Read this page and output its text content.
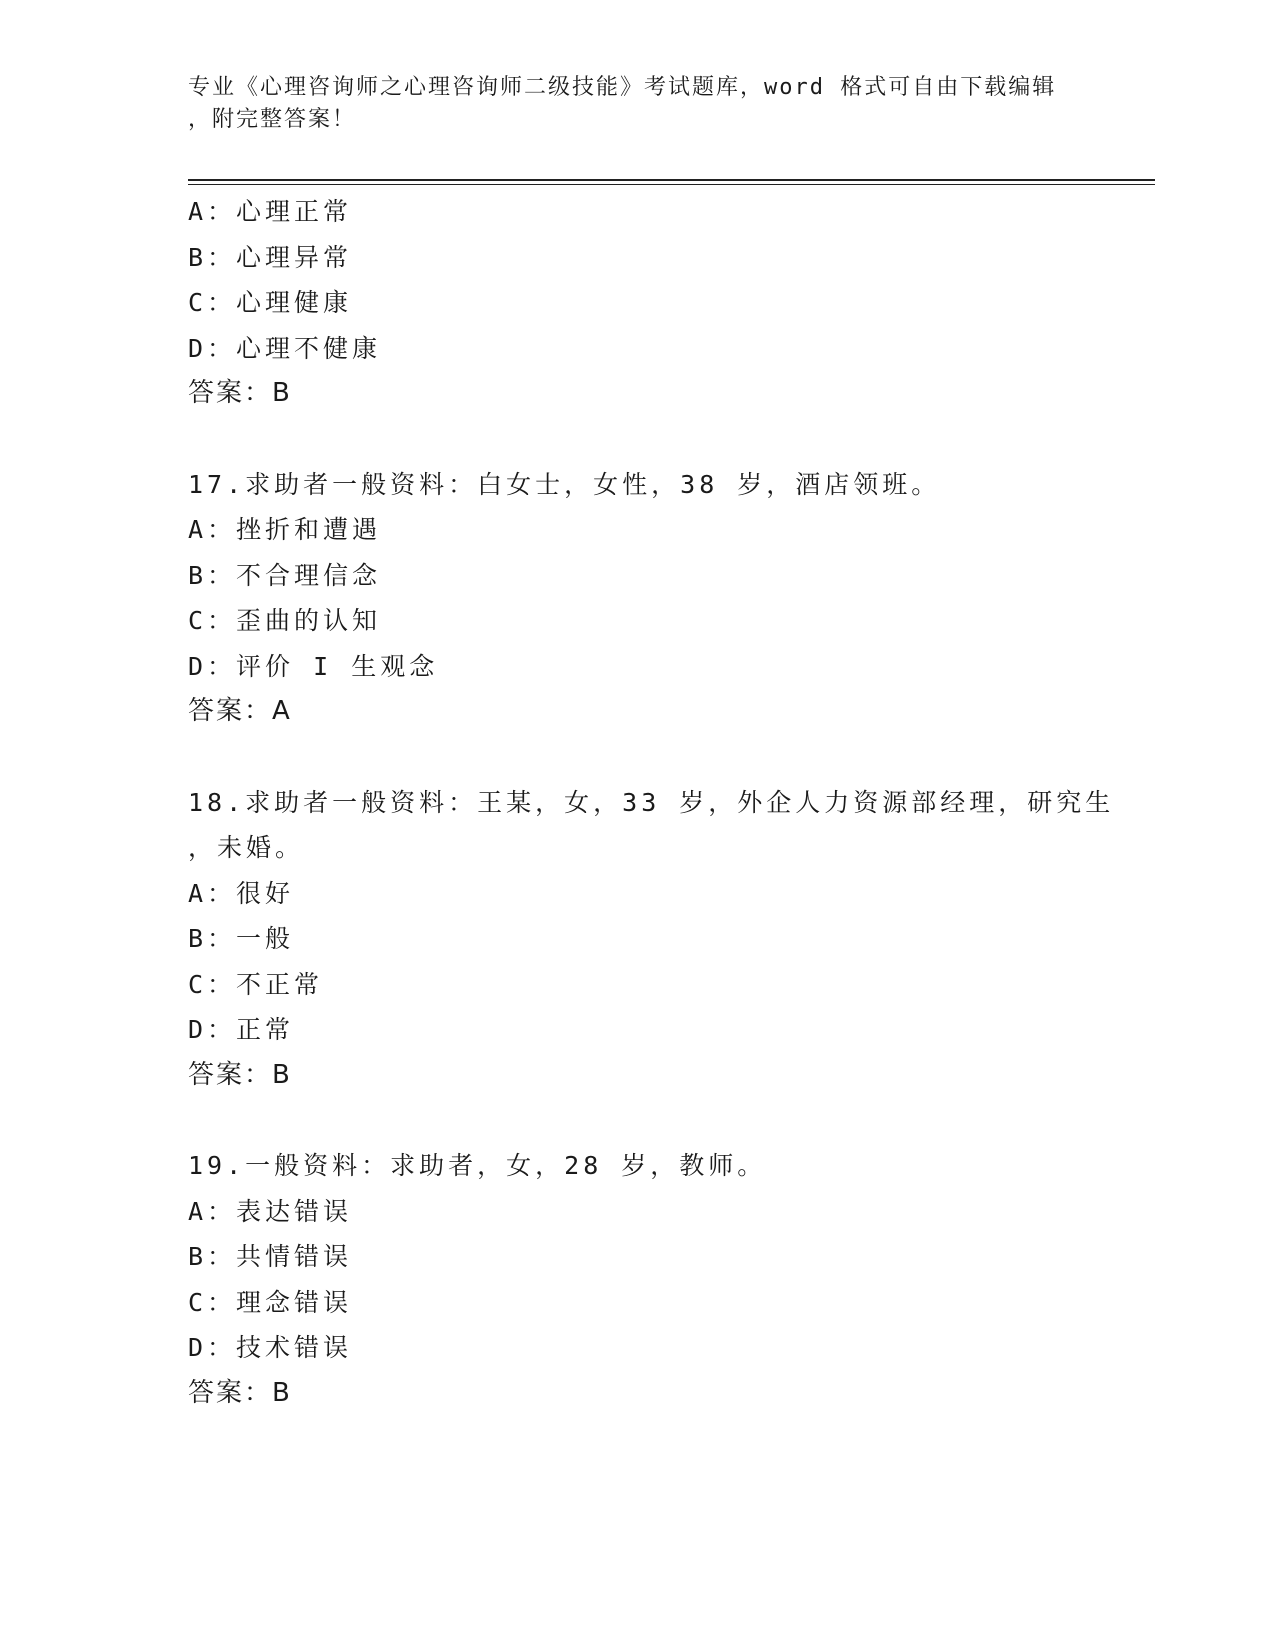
专业《心理咨询师之心理咨询师二级技能》考试题库，word 格式可自由下载编辑
，附完整答案！
A：心理正常
B：心理异常
C：心理健康
D：心理不健康
答案：B
17.求助者一般资料：白女士，女性，38 岁，酒店领班。
A：挫折和遭遇
B：不合理信念
C：歪曲的认知
D：评价 I 生观念
答案：A
18.求助者一般资料：王某，女，33 岁，外企人力资源部经理，研究生
，未婚。
A：很好
B：一般
C：不正常
D：正常
答案：B
19.一般资料：求助者，女，28 岁，教师。
A：表达错误
B：共情错误
C：理念错误
D：技术错误
答案：B
